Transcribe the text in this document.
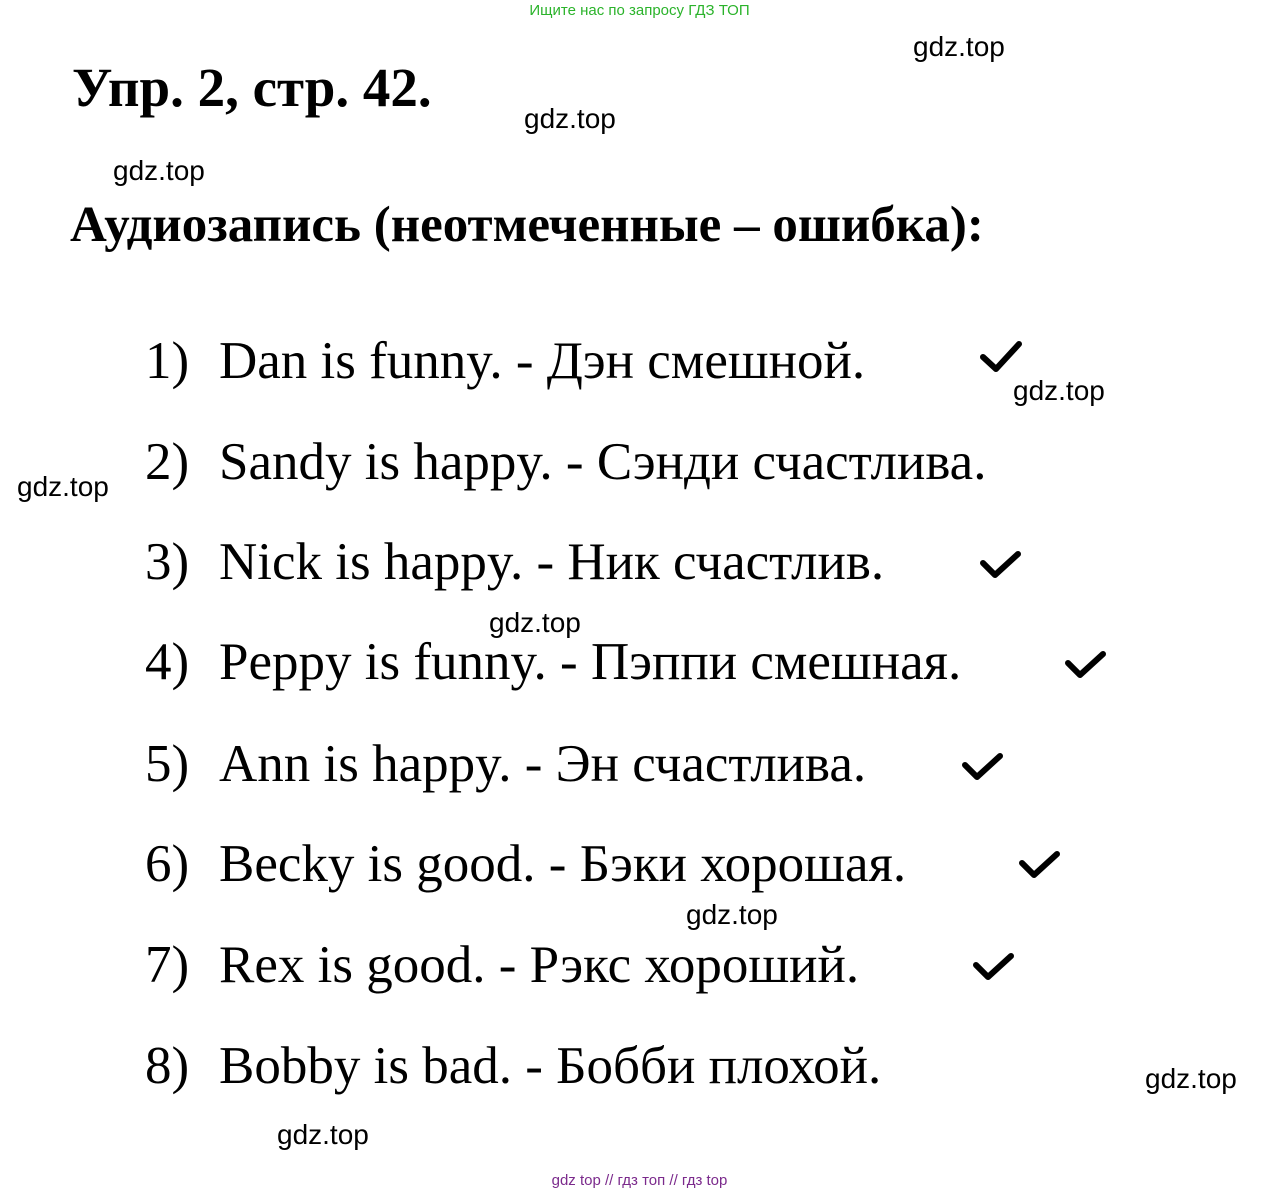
Ищите нас по запросу ГДЗ ТОП
Упр. 2, стр. 42.
Аудиозапись (неотмеченные – ошибка):
gdz.top
gdz.top
gdz.top
gdz.top
gdz.top
gdz.top
gdz.top
gdz.top
gdz.top
1) Dan is funny. - Дэн смешной.
2) Sandy is happy. - Сэнди счастлива.
3) Nick is happy. - Ник счастлив.
4) Peppy is funny. - Пэппи смешная.
5) Ann is happy. - Эн счастлива.
6) Becky is good. - Бэки хорошая.
7) Rex is good. - Рэкс хороший.
8) Bobby is bad. - Бобби плохой.
gdz top // гдз топ // гдз top
